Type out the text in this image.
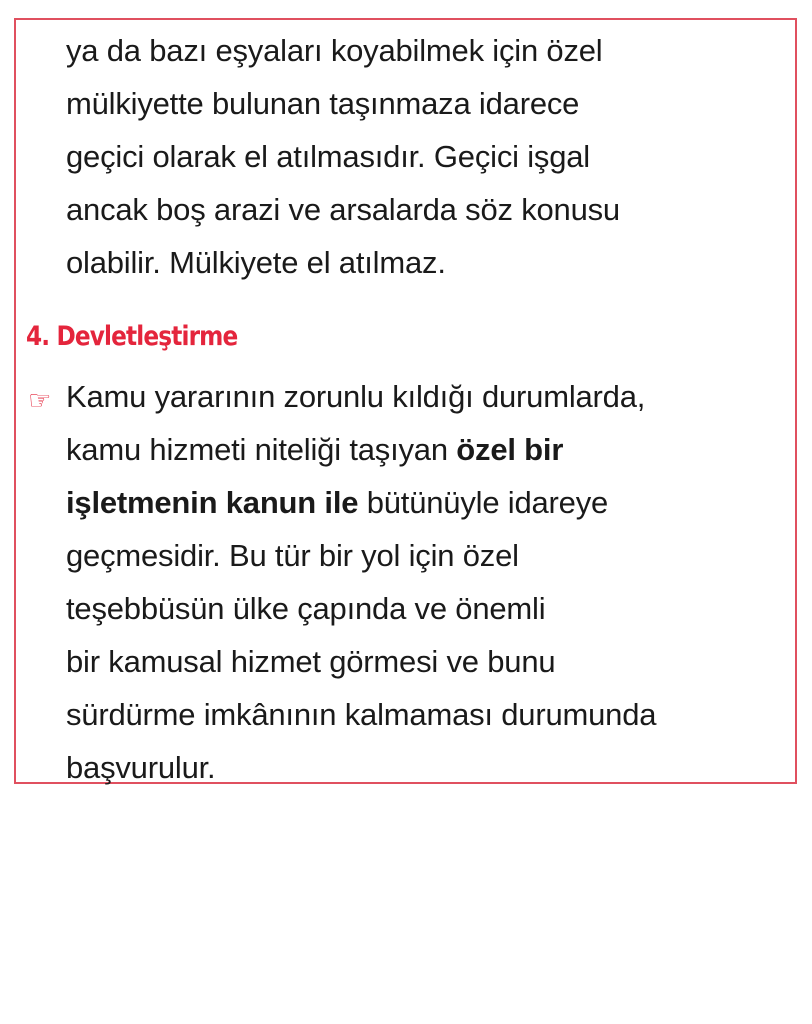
ya da bazı eşyaları koyabilmek için özel
mülkiyette bulunan taşınmaza idarece
geçici olarak el atılmasıdır. Geçici işgal
ancak boş arazi ve arsalarda söz konusu
olabilir. Mülkiyete el atılmaz.
4. Devletleştirme
☞ Kamu yararının zorunlu kıldığı durumlarda,
kamu hizmeti niteliği taşıyan özel bir
işletmenin kanun ile bütünüyle idareye
geçmesidir. Bu tür bir yol için özel
teşebbüsün ülke çapında ve önemli
bir kamusal hizmet görmesi ve bunu
sürdürme imkânının kalmaması durumunda
başvurulur.
